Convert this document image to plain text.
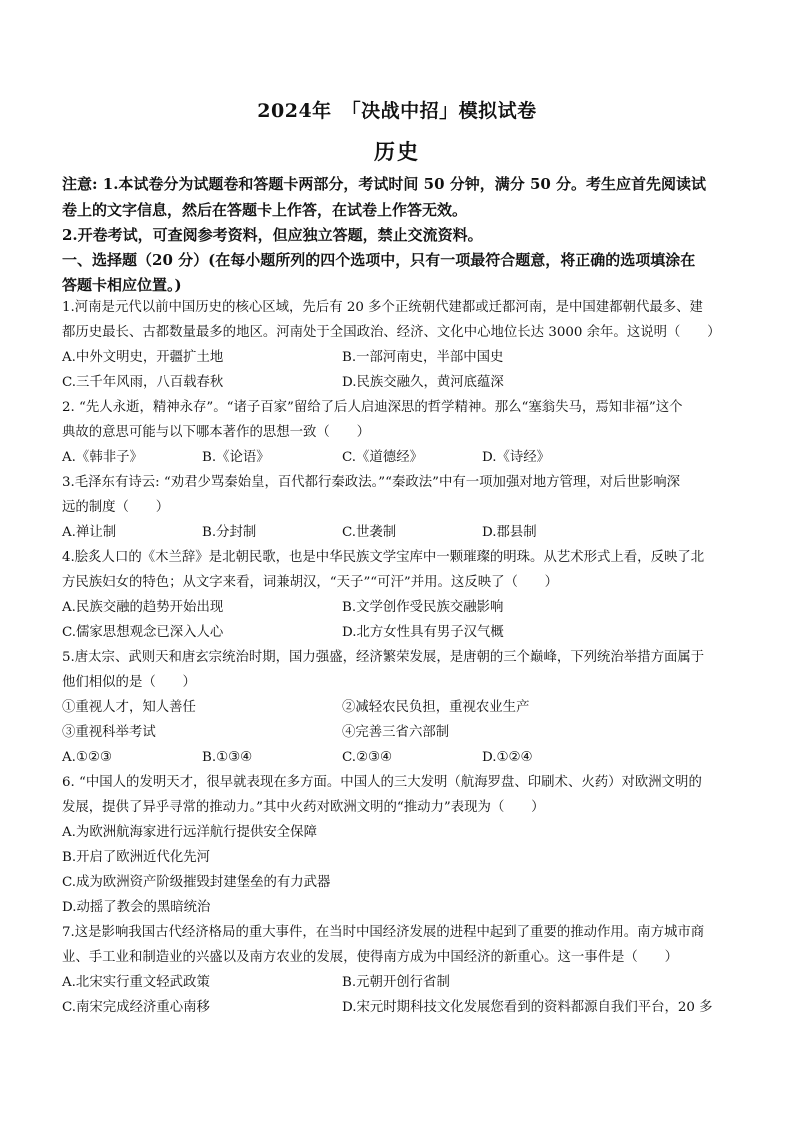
2024年　「决战中招」模拟试卷
历史
注意: 1.本试卷分为试题卷和答题卡两部分，考试时间 50 分钟，满分 50 分。考生应首先阅读试
卷上的文字信息，然后在答题卡上作答，在试卷上作答无效。
2.开卷考试，可查阅参考资料，但应独立答题，禁止交流资料。
一、选择题（20 分）(在每小题所列的四个选项中，只有一项最符合题意，将正确的选项填涂在
答题卡相应位置。)
1.河南是元代以前中国历史的核心区域，先后有 20 多个正统朝代建都或迁都河南，是中国建都朝代最多、建
都历史最长、古都数量最多的地区。河南处于全国政治、经济、文化中心地位长达 3000 余年。这说明（　　）
A.中外文明史，开疆扩土地	B.一部河南史，半部中国史
C.三千年风雨，八百载春秋	D.民族交融久，黄河底蕴深
2. “先人永逝，精神永存”。“诸子百家”留给了后人启迪深思的哲学精神。那么“塞翁失马，焉知非福”这个
典故的意思可能与以下哪本著作的思想一致（　　）
A.《韩非子》	B.《论语》	C.《道德经》	D.《诗经》
3.毛泽东有诗云: “劝君少骂秦始皇，百代都行秦政法。”“秦政法”中有一项加强对地方管理，对后世影响深
远的制度（　　）
A.禅让制	B.分封制	C.世袭制	D.郡县制
4.脍炙人口的《木兰辞》是北朝民歌，也是中华民族文学宝库中一颗璀璨的明珠。从艺术形式上看，反映了北
方民族妇女的特色；从文字来看，词兼胡汉，“天子”“可汗”并用。这反映了（　　）
A.民族交融的趋势开始出现	B.文学创作受民族交融影响
C.儒家思想观念已深入人心	D.北方女性具有男子汉气概
5.唐太宗、武则天和唐玄宗统治时期，国力强盛，经济繁荣发展，是唐朝的三个巅峰，下列统治举措方面属于
他们相似的是（　　）
①重视人才，知人善任	②减轻农民负担，重视农业生产
③重视科举考试	④完善三省六部制
A.①②③	B.①③④	C.②③④	D.①②④
6. “中国人的发明天才，很早就表现在多方面。中国人的三大发明（航海罗盘、印刷术、火药）对欧洲文明的
发展，提供了异乎寻常的推动力。”其中火药对欧洲文明的“推动力”表现为（　　）
A.为欧洲航海家进行远洋航行提供安全保障
B.开启了欧洲近代化先河
C.成为欧洲资产阶级摧毁封建堡垒的有力武器
D.动摇了教会的黑暗统治
7.这是影响我国古代经济格局的重大事件，在当时中国经济发展的进程中起到了重要的推动作用。南方城市商
业、手工业和制造业的兴盛以及南方农业的发展，使得南方成为中国经济的新重心。这一事件是（　　）
A.北宋实行重文轻武政策	B.元朝开创行省制
C.南宋完成经济重心南移	D.宋元时期科技文化发展您看到的资料都源自我们平台，20 多
